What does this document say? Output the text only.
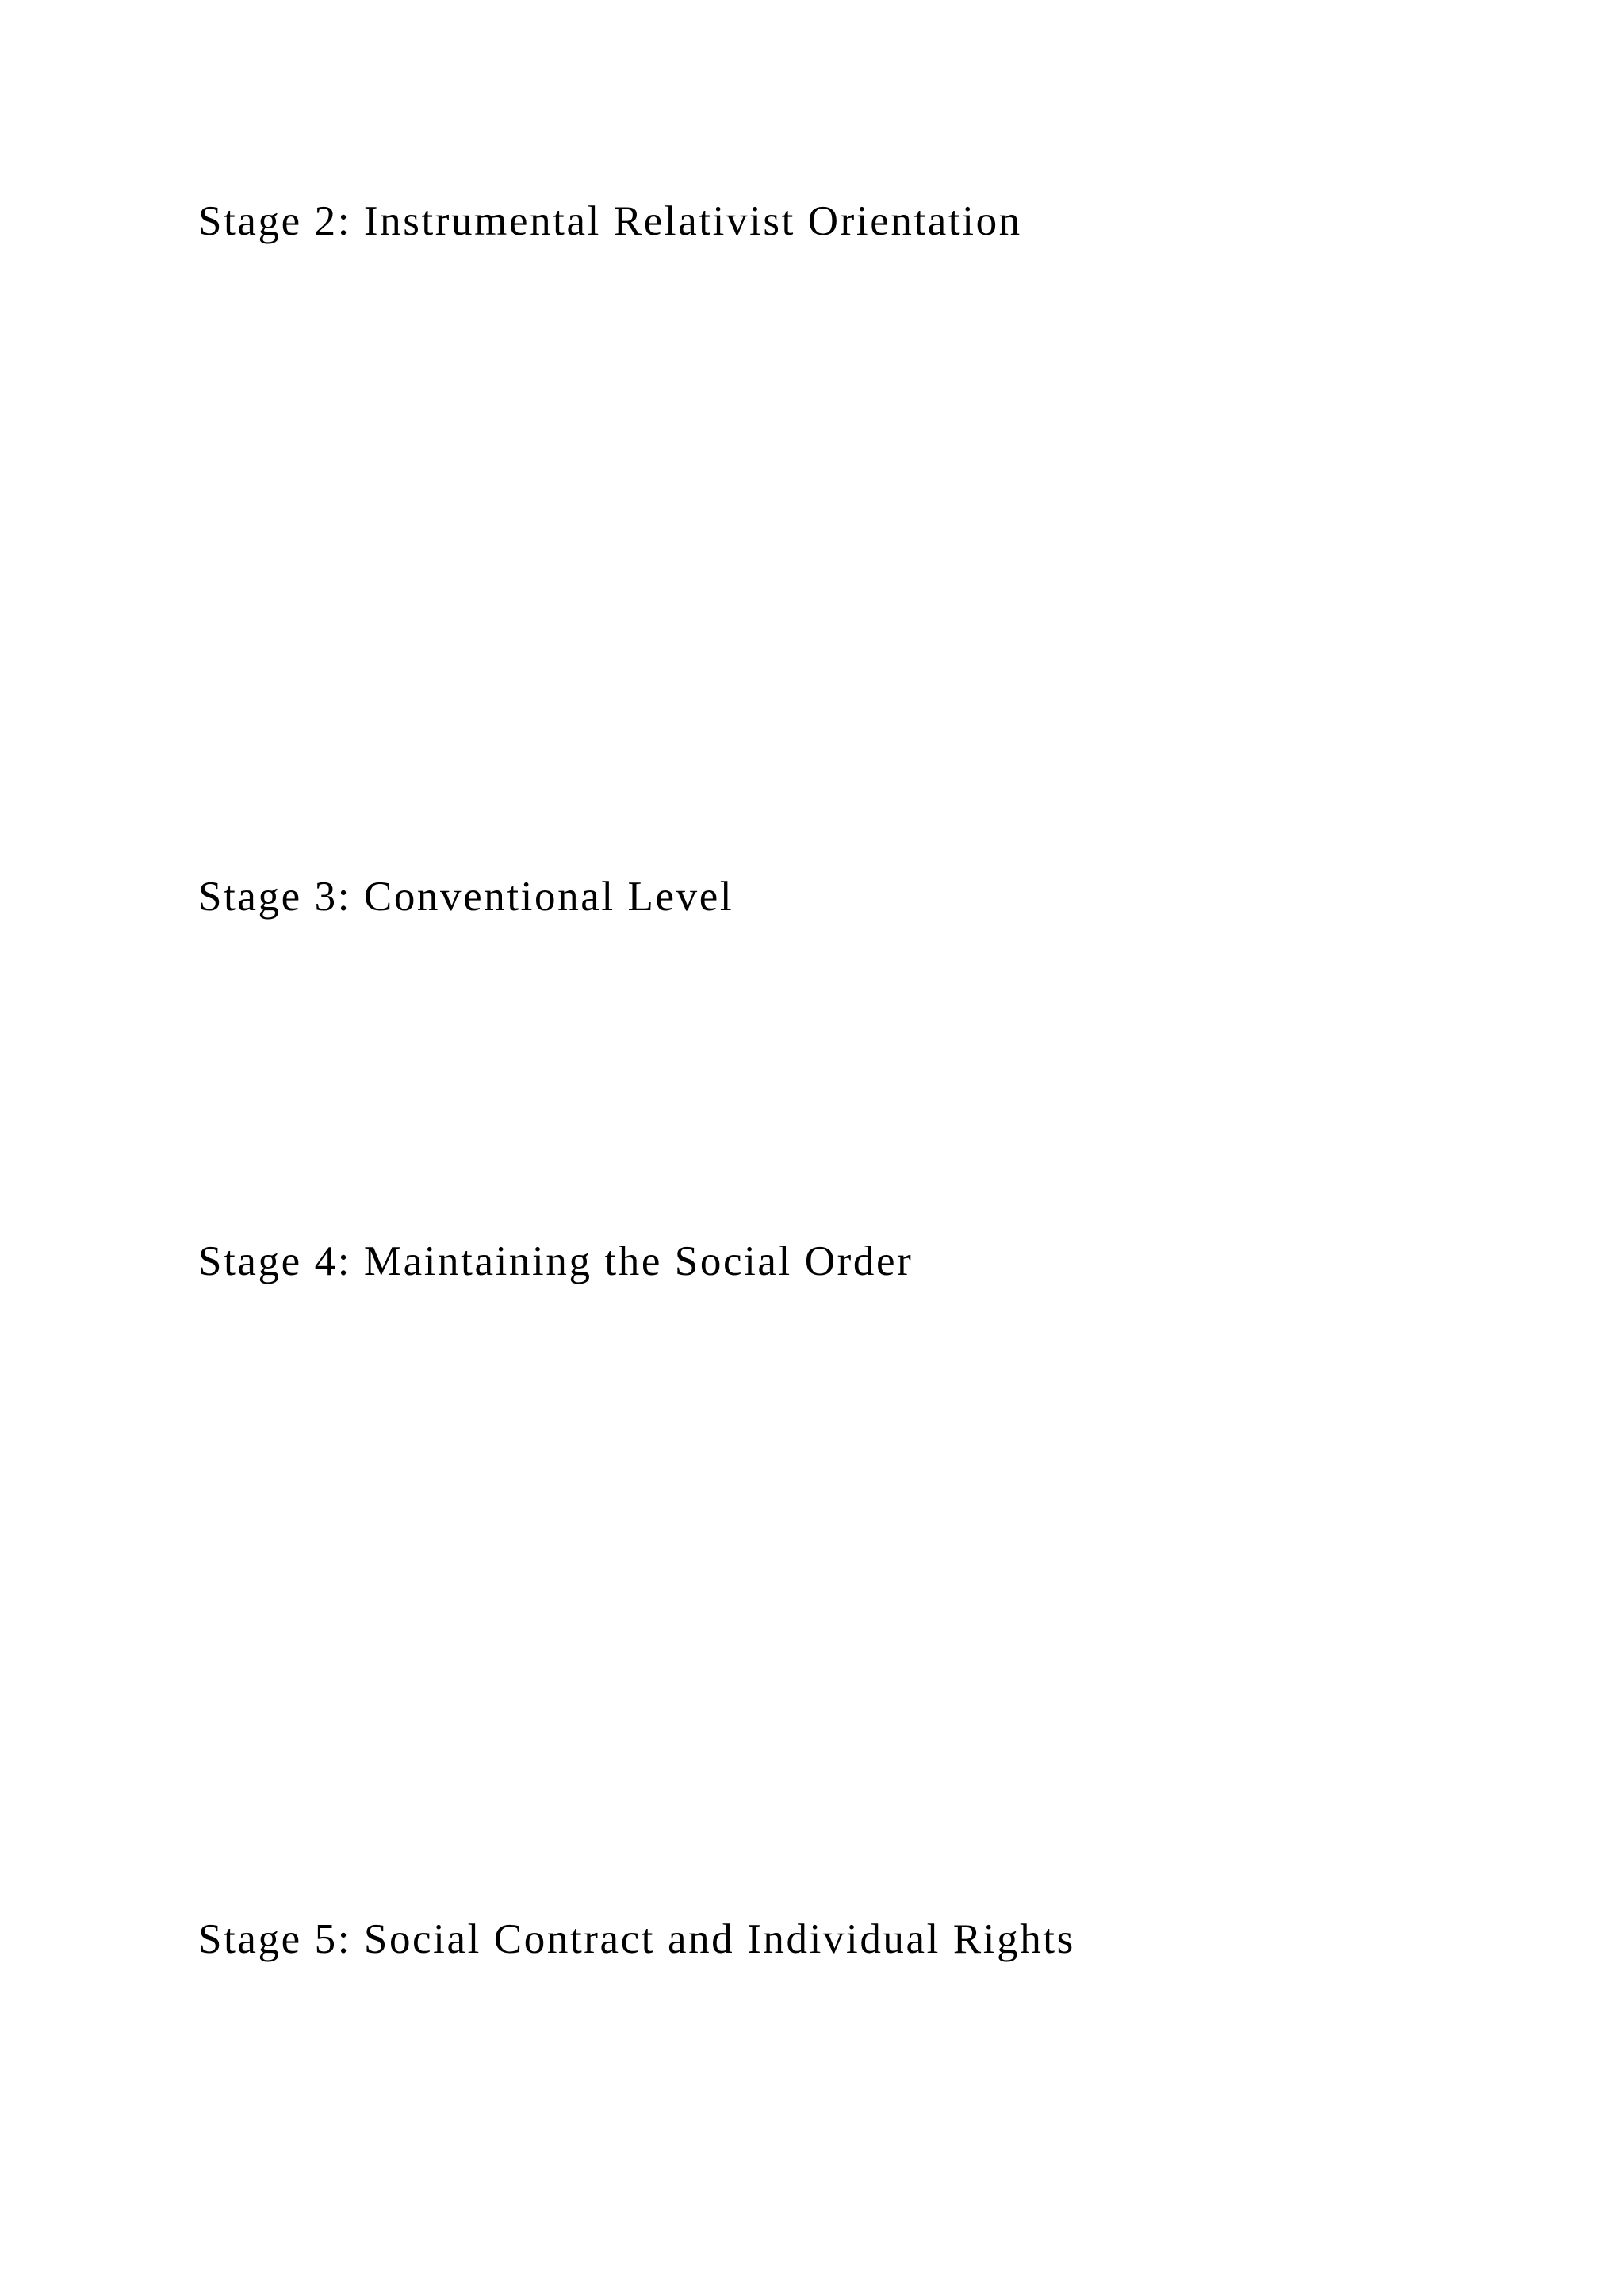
Stage 2: Instrumental Relativist Orientation

Stage 3: Conventional Level

Stage 4: Maintaining the Social Order

Stage 5: Social Contract and Individual Rights
